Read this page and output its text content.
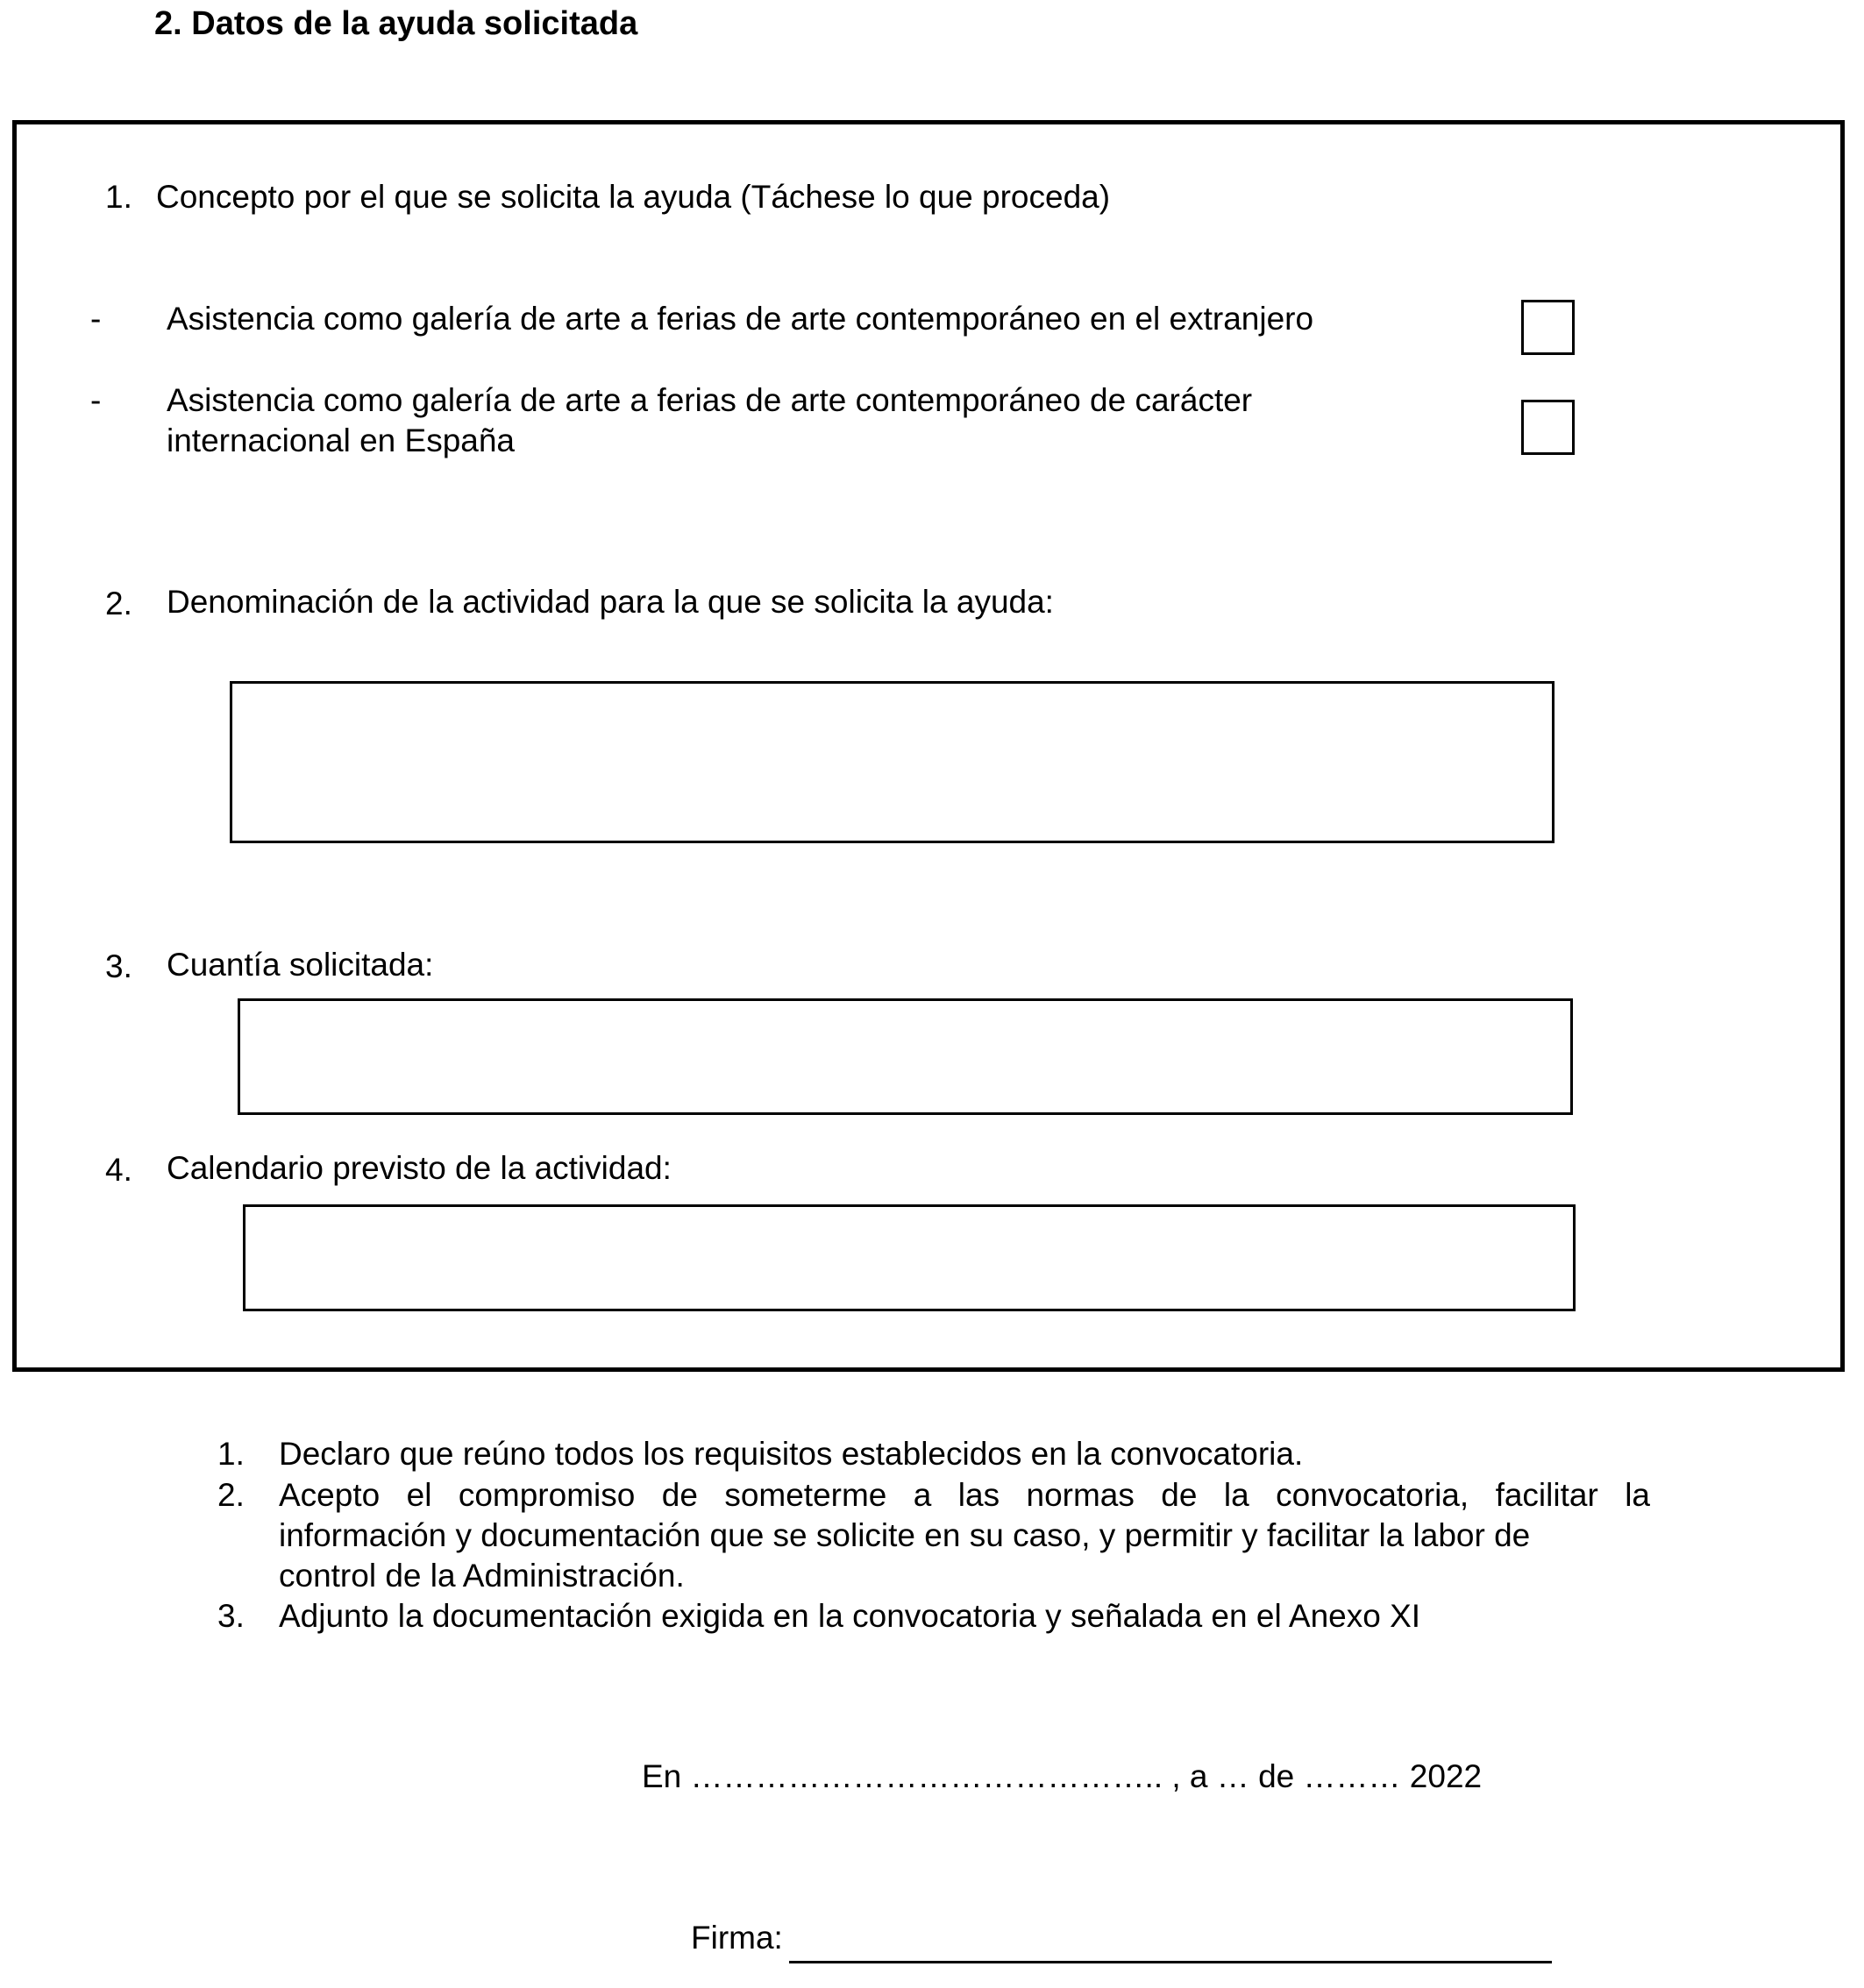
2. Datos de la ayuda solicitada
1. Concepto por el que se solicita la ayuda (Táchese lo que proceda)
- Asistencia como galería de arte a ferias de arte contemporáneo en el extranjero
- Asistencia como galería de arte a ferias de arte contemporáneo de carácter
internacional en España
2. Denominación de la actividad para la que se solicita la ayuda:
3. Cuantía solicitada:
4. Calendario previsto de la actividad:
1. Declaro que reúno todos los requisitos establecidos en la convocatoria.
2. Acepto el compromiso de someterme a las normas de la convocatoria, facilitar la
información y documentación que se solicite en su caso, y permitir y facilitar la labor de
control de la Administración.
3. Adjunto la documentación exigida en la convocatoria y señalada en el Anexo XI
En …………………………………….. , a … de ……… 2022
Firma:
